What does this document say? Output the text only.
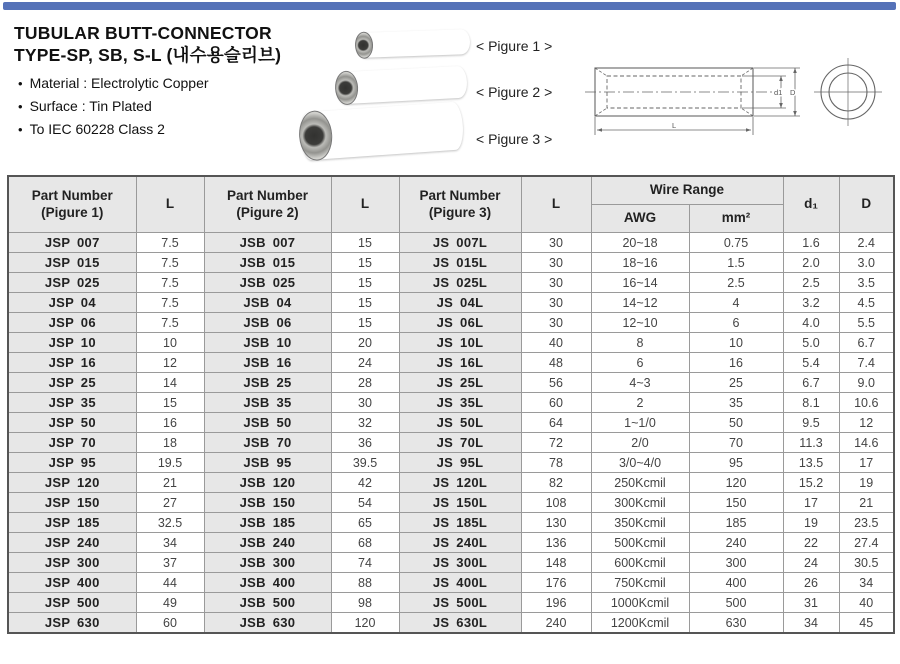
TUBULAR BUTT-CONNECTOR
TYPE-SP, SB, S-L (내수용슬리브)
• Material : Electrolytic Copper
• Surface : Tin Plated
• To IEC 60228 Class 2
< Pigure 1 >
< Pigure 2 >
< Pigure 3 >
d1 D
L
Part Number
(Pigure 1)
	L	
Part Number
(Pigure 2)
	L	
Part Number
(Pigure 3)
	L	Wire Range	d₁	D
						AWG	mm²		
JSP 007	7.5	JSB 007	15	JS 007L	30	20~18	0.75	1.6	2.4
JSP 015	7.5	JSB 015	15	JS 015L	30	18~16	1.5	2.0	3.0
JSP 025	7.5	JSB 025	15	JS 025L	30	16~14	2.5	2.5	3.5
JSP 04	7.5	JSB 04	15	JS 04L	30	14~12	4	3.2	4.5
JSP 06	7.5	JSB 06	15	JS 06L	30	12~10	6	4.0	5.5
JSP 10	10	JSB 10	20	JS 10L	40	8	10	5.0	6.7
JSP 16	12	JSB 16	24	JS 16L	48	6	16	5.4	7.4
JSP 25	14	JSB 25	28	JS 25L	56	4~3	25	6.7	9.0
JSP 35	15	JSB 35	30	JS 35L	60	2	35	8.1	10.6
JSP 50	16	JSB 50	32	JS 50L	64	1~1/0	50	9.5	12
JSP 70	18	JSB 70	36	JS 70L	72	2/0	70	11.3	14.6
JSP 95	19.5	JSB 95	39.5	JS 95L	78	3/0~4/0	95	13.5	17
JSP 120	21	JSB 120	42	JS 120L	82	250Kcmil	120	15.2	19
JSP 150	27	JSB 150	54	JS 150L	108	300Kcmil	150	17	21
JSP 185	32.5	JSB 185	65	JS 185L	130	350Kcmil	185	19	23.5
JSP 240	34	JSB 240	68	JS 240L	136	500Kcmil	240	22	27.4
JSP 300	37	JSB 300	74	JS 300L	148	600Kcmil	300	24	30.5
JSP 400	44	JSB 400	88	JS 400L	176	750Kcmil	400	26	34
JSP 500	49	JSB 500	98	JS 500L	196	1000Kcmil	500	31	40
JSP 630	60	JSB 630	120	JS 630L	240	1200Kcmil	630	34	45
